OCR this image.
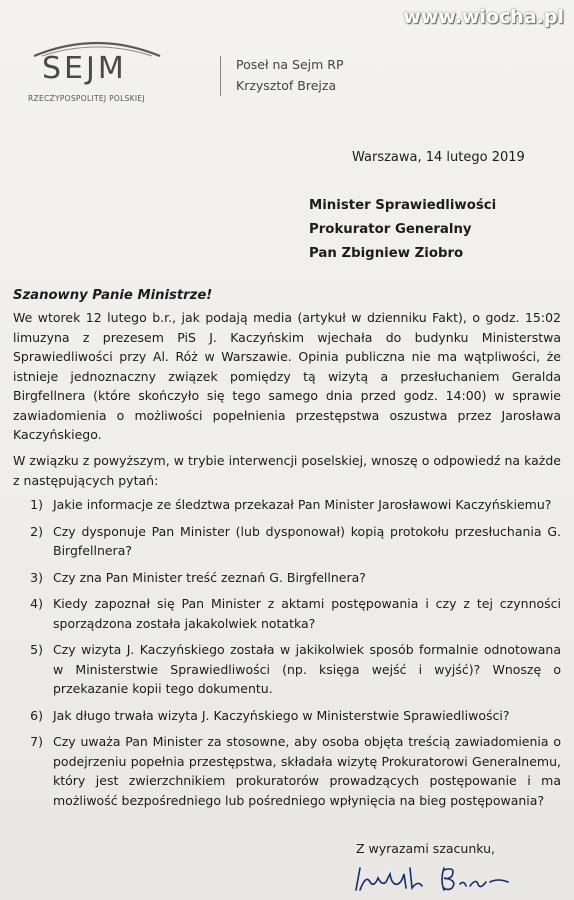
www.wiocha.pl
SEJM
RZECZYPOSPOLITEJ POLSKIEJ
Poseł na Sejm RP
Krzysztof Brejza
Warszawa, 14 lutego 2019
Minister Sprawiedliwości
Prokurator Generalny
Pan Zbigniew Ziobro
Szanowny Panie Ministrze!
We wtorek 12 lutego b.r., jak podają media (artykuł w dzienniku Fakt), o godz. 15:02 limuzyna z prezesem PiS J. Kaczyńskim wjechała do budynku Ministerstwa Sprawiedliwości przy Al. Róż w Warszawie. Opinia publiczna nie ma wątpliwości, że istnieje jednoznaczny związek pomiędzy tą wizytą a przesłuchaniem Geralda Birgfellnera (które skończyło się tego samego dnia przed godz. 14:00) w sprawie zawiadomienia o możliwości popełnienia przestępstwa oszustwa przez Jarosława Kaczyńskiego.
W związku z powyższym, w trybie interwencji poselskiej, wnoszę o odpowiedź na każde z następujących pytań:
1) Jakie informacje ze śledztwa przekazał Pan Minister Jarosławowi Kaczyńskiemu?
2) Czy dysponuje Pan Minister (lub dysponował) kopią protokołu przesłuchania G. Birgfellnera?
3) Czy zna Pan Minister treść zeznań G. Birgfellnera?
4) Kiedy zapoznał się Pan Minister z aktami postępowania i czy z tej czynności sporządzona została jakakolwiek notatka?
5) Czy wizyta J. Kaczyńskiego została w jakikolwiek sposób formalnie odnotowana w Ministerstwie Sprawiedliwości (np. księga wejść i wyjść)? Wnoszę o przekazanie kopii tego dokumentu.
6) Jak długo trwała wizyta J. Kaczyńskiego w Ministerstwie Sprawiedliwości?
7) Czy uważa Pan Minister za stosowne, aby osoba objęta treścią zawiadomienia o podejrzeniu popełnia przestępstwa, składała wizytę Prokuratorowi Generalnemu, który jest zwierzchnikiem prokuratorów prowadzących postępowanie i ma możliwość bezpośredniego lub pośredniego wpłynięcia na bieg postępowania?
Z wyrazami szacunku,
